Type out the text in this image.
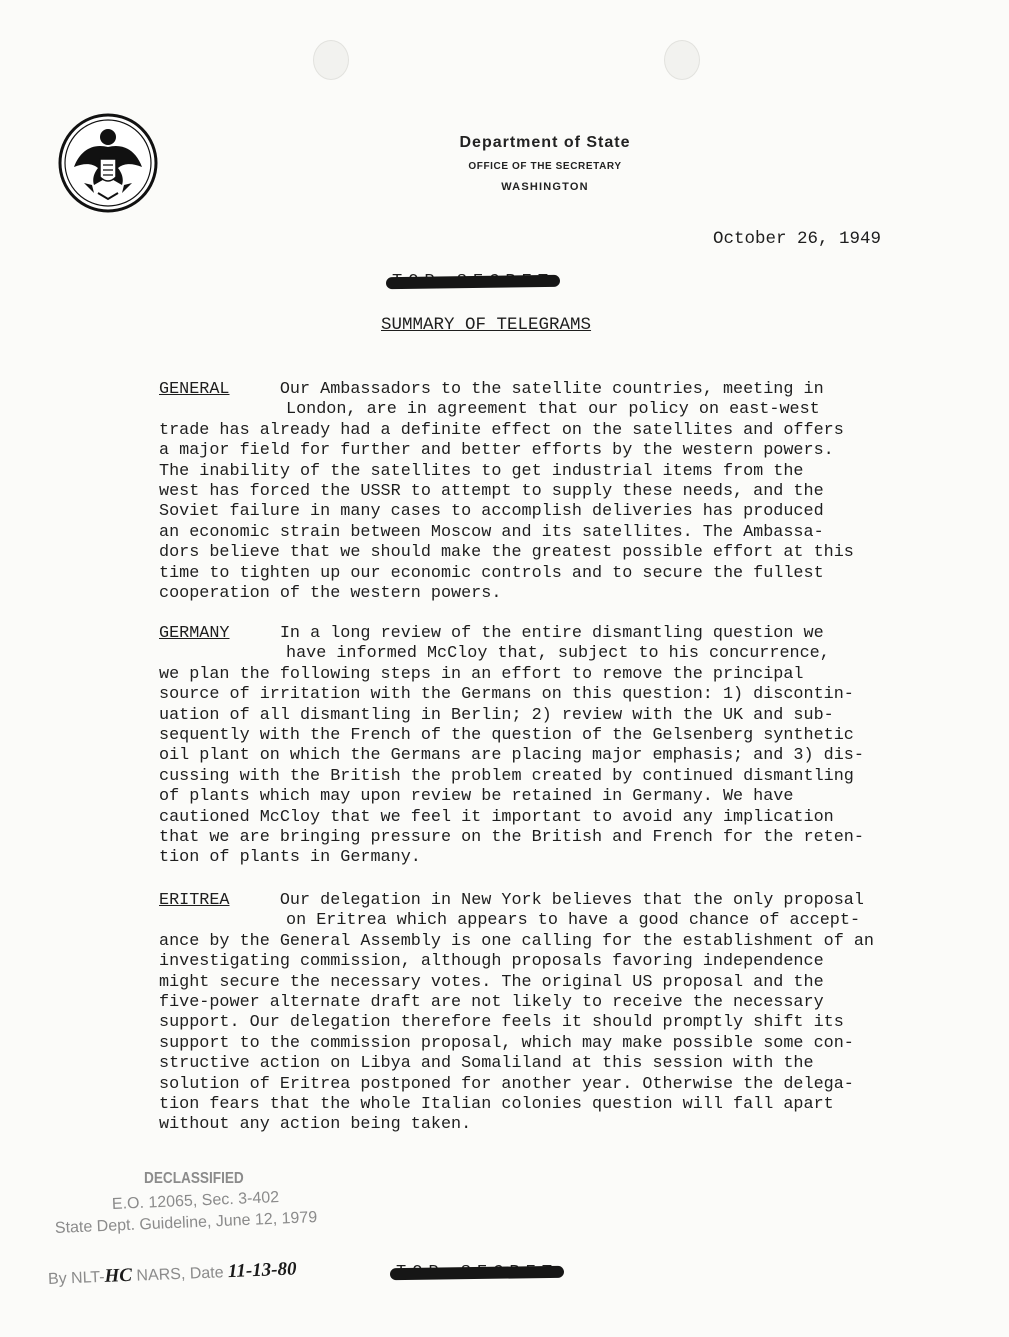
Department of State
OFFICE OF THE SECRETARY
WASHINGTON
October 26, 1949
SUMMARY OF TELEGRAMS
GENERAL	Our Ambassadors to the satellite countries, meeting in
London, are in agreement that our policy on east-west
trade has already had a definite effect on the satellites and offers
a major field for further and better efforts by the western powers.
The inability of the satellites to get industrial items from the
west has forced the USSR to attempt to supply these needs, and the
Soviet failure in many cases to accomplish deliveries has produced
an economic strain between Moscow and its satellites. The Ambassa-
dors believe that we should make the greatest possible effort at this
time to tighten up our economic controls and to secure the fullest
cooperation of the western powers.
GERMANY	In a long review of the entire dismantling question we
have informed McCloy that, subject to his concurrence,
we plan the following steps in an effort to remove the principal
source of irritation with the Germans on this question: 1) discontin-
uation of all dismantling in Berlin; 2) review with the UK and sub-
sequently with the French of the question of the Gelsenberg synthetic
oil plant on which the Germans are placing major emphasis; and 3) dis-
cussing with the British the problem created by continued dismantling
of plants which may upon review be retained in Germany. We have
cautioned McCloy that we feel it important to avoid any implication
that we are bringing pressure on the British and French for the reten-
tion of plants in Germany.
ERITREA	Our delegation in New York believes that the only proposal
on Eritrea which appears to have a good chance of accept-
ance by the General Assembly is one calling for the establishment of an
investigating commission, although proposals favoring independence
might secure the necessary votes. The original US proposal and the
five-power alternate draft are not likely to receive the necessary
support. Our delegation therefore feels it should promptly shift its
support to the commission proposal, which may make possible some con-
structive action on Libya and Somaliland at this session with the
solution of Eritrea postponed for another year. Otherwise the delega-
tion fears that the whole Italian colonies question will fall apart
without any action being taken.
DECLASSIFIED
E.O. 12065, Sec. 3-402
State Dept. Guideline, June 12, 1979
By NLT-HC NARS, Date 11-13-80
